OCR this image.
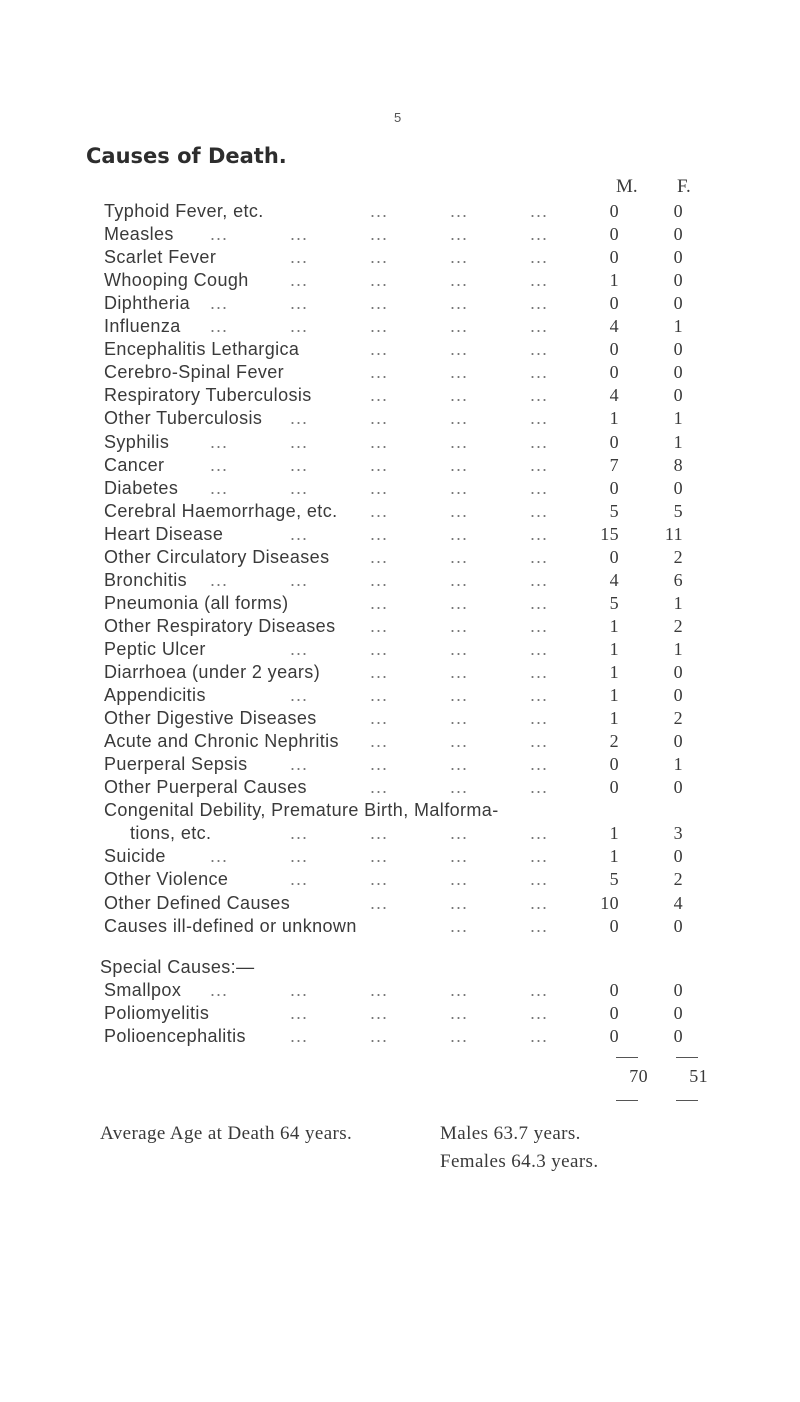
5
Causes of Death.
M. F.
Typhoid Fever, etc.	...	...	...	0	0
Measles ...	...	...	...	...	0	0
Scarlet Fever	...	...	...	...	0	0
Whooping Cough ...	...	...	...	1	0
Diphtheria ...	...	...	...	...	0	0
Influenza ...	...	...	...	...	4	1
Encephalitis Lethargica	...	...	...	0	0
Cerebro-Spinal Fever	...	...	...	0	0
Respiratory Tuberculosis	...	...	...	4	0
Other Tuberculosis ...	...	...	...	1	1
Syphilis ...	...	...	...	...	0	1
Cancer	...	...	...	...	...	7	8
Diabetes ...	...	...	...	...	0	0
Cerebral Haemorrhage, etc. ...	...	...	5	5
Heart Disease	...	...	...	...	15	11
Other Circulatory Diseases ...	...	...	0	2
Bronchitis ...	...	...	...	...	4	6
Pneumonia (all forms)	...	...	...	5	1
Other Respiratory Diseases ...	...	...	1	2
Peptic Ulcer	...	...	...	...	1	1
Diarrhoea (under 2 years)	...	...	...	1	0
Appendicitis	...	...	...	...	1	0
Other Digestive Diseases	...	...	...	1	2
Acute and Chronic Nephritis ...	...	...	2	0
Puerperal Sepsis ...	...	...	...	0	1
Other Puerperal Causes	...	...	...	0	0
Congenital Debility, Premature Birth, Malforma-
tions, etc.	...	...	...	...	1	3
Suicide ...	...	...	...	...	1	0
Other Violence	...	...	...	...	5	2
Other Defined Causes	...	...	...	10	4
Causes ill-defined or unknown	...	...	0	0
Special Causes:—
Smallpox ...	...	...	...	...	0	0
Poliomyelitis	...	...	...	...	0	0
Polioencephalitis ...	...	...	...	0	0
70	51
Average Age at Death 64 years.	Males 63.7 years.
Females 64.3 years.
